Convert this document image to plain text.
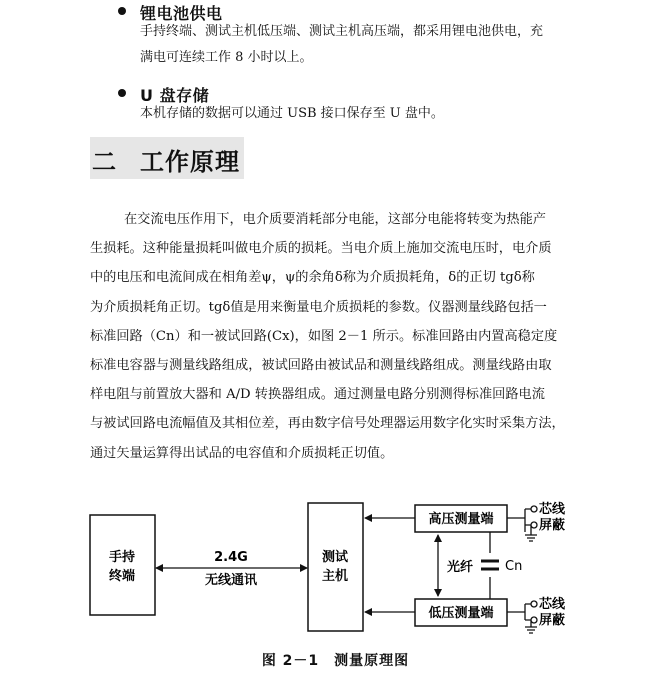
锂电池供电
手持终端、测试主机低压端、测试主机高压端，都采用锂电池供电，充
满电可连续工作 8 小时以上。
U 盘存储
本机存储的数据可以通过 USB 接口保存至 U 盘中。
二 工作原理

在交流电压作用下，电介质要消耗部分电能，这部分电能将转变为热能产

生损耗。这种能量损耗叫做电介质的损耗。当电介质上施加交流电压时，电介质

中的电压和电流间成在相角差ψ，ψ的余角δ称为介质损耗角，δ的正切 tgδ称

为介质损耗角正切。tgδ值是用来衡量电介质损耗的参数。仪器测量线路包括一

标准回路（Cn）和一被试回路(Cx)，如图 2－1 所示。标准回路由内置高稳定度

标准电容器与测量线路组成，被试回路由被试品和测量线路组成。测量线路由取

样电阻与前置放大器和 A/D 转换器组成。通过测量电路分别测得标准回路电流

与被试回路电流幅值及其相位差，再由数字信号处理器运用数字化实时采集方法，

通过矢量运算得出试品的电容值和介质损耗正切值。

手持
终端
2.4G
无线通讯
测试
主机
高压测量端
低压测量端
光纤 Cn
芯线
屏蔽
芯线
屏蔽
图 2－1　测量原理图
